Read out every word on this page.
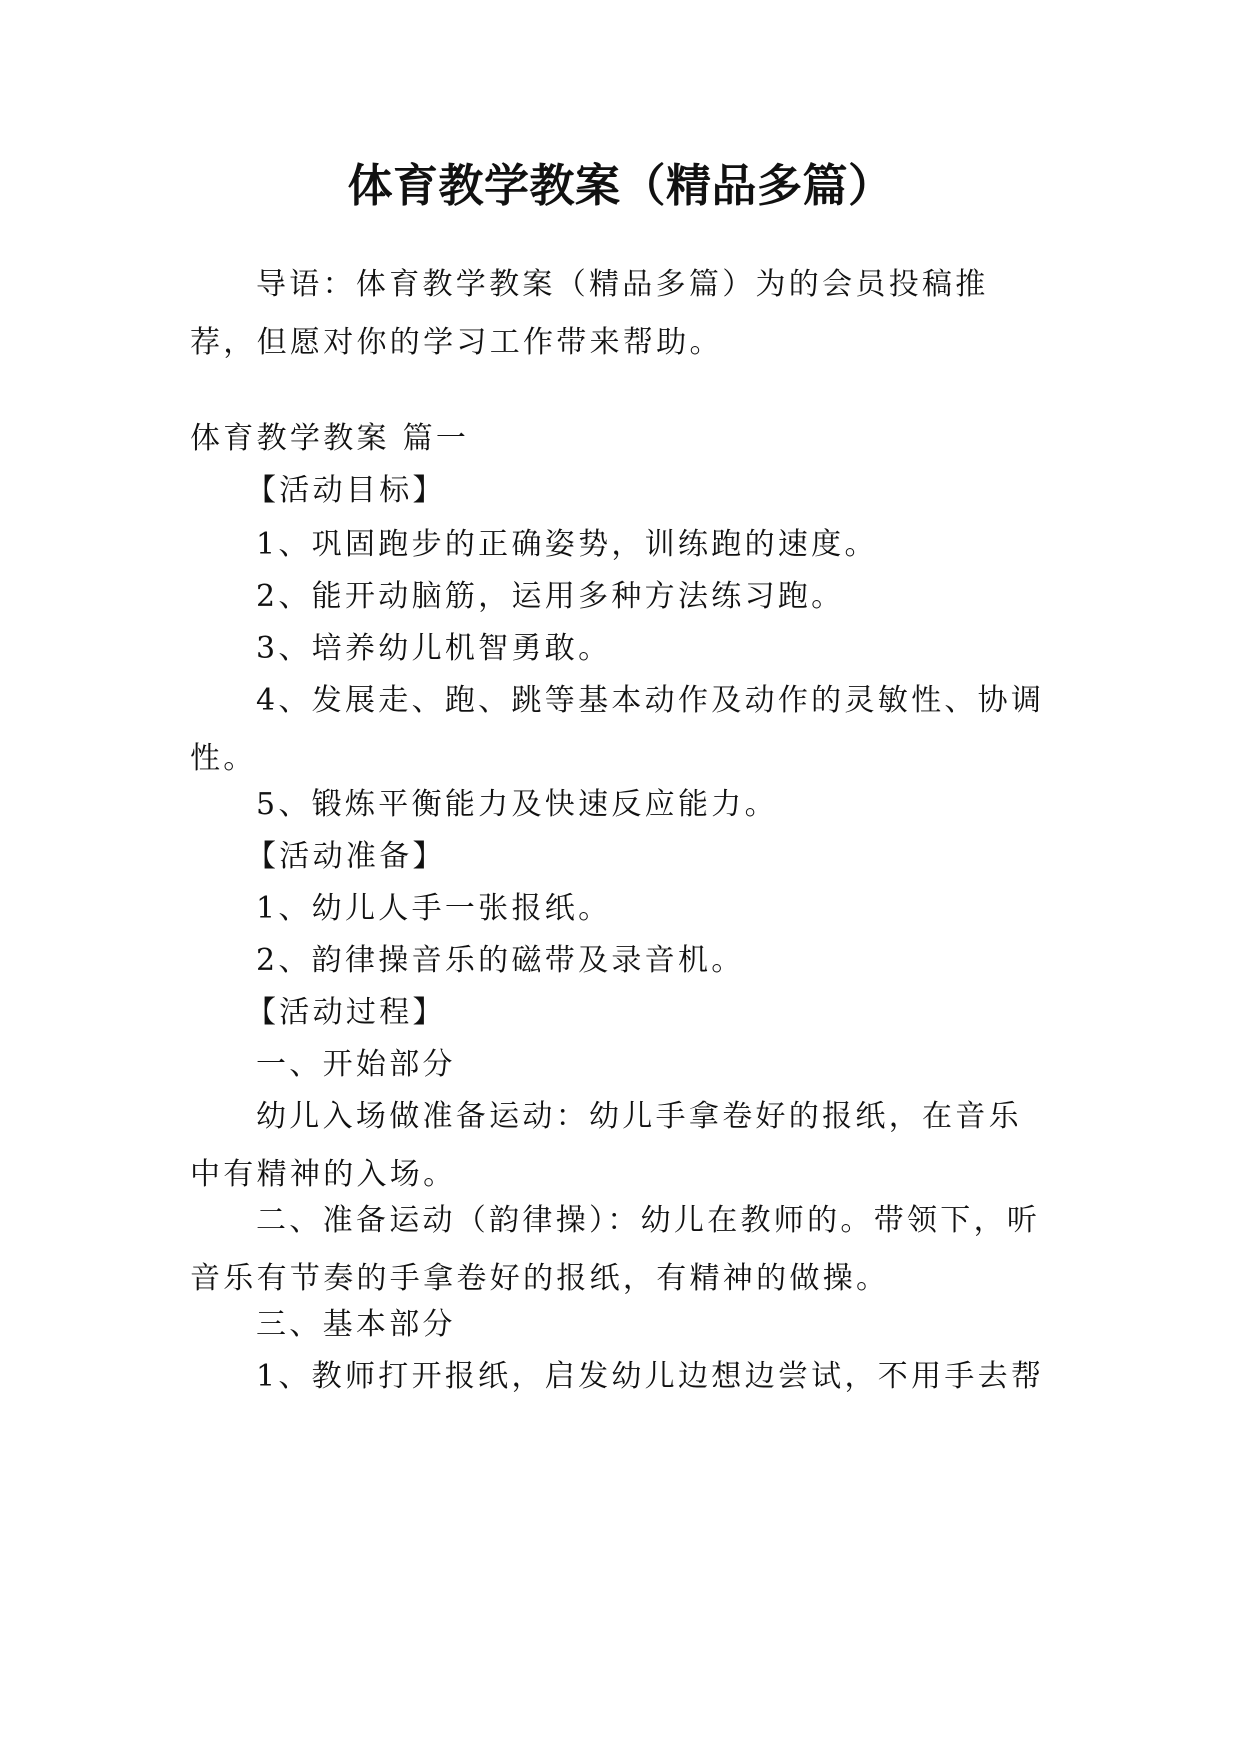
体育教学教案（精品多篇）

导语：体育教学教案（精品多篇）为的会员投稿推荐，但愿对你的学习工作带来帮助。

体育教学教案 篇一

【活动目标】

1、巩固跑步的正确姿势，训练跑的速度。

2、能开动脑筋，运用多种方法练习跑。

3、培养幼儿机智勇敢。

4、发展走、跑、跳等基本动作及动作的灵敏性、协调性。

5、锻炼平衡能力及快速反应能力。

【活动准备】

1、幼儿人手一张报纸。

2、韵律操音乐的磁带及录音机。

【活动过程】

一、开始部分

幼儿入场做准备运动：幼儿手拿卷好的报纸，在音乐中有精神的入场。

二、准备运动（韵律操）：幼儿在教师的。带领下，听音乐有节奏的手拿卷好的报纸，有精神的做操。

三、基本部分

1、教师打开报纸，启发幼儿边想边尝试，不用手去帮
